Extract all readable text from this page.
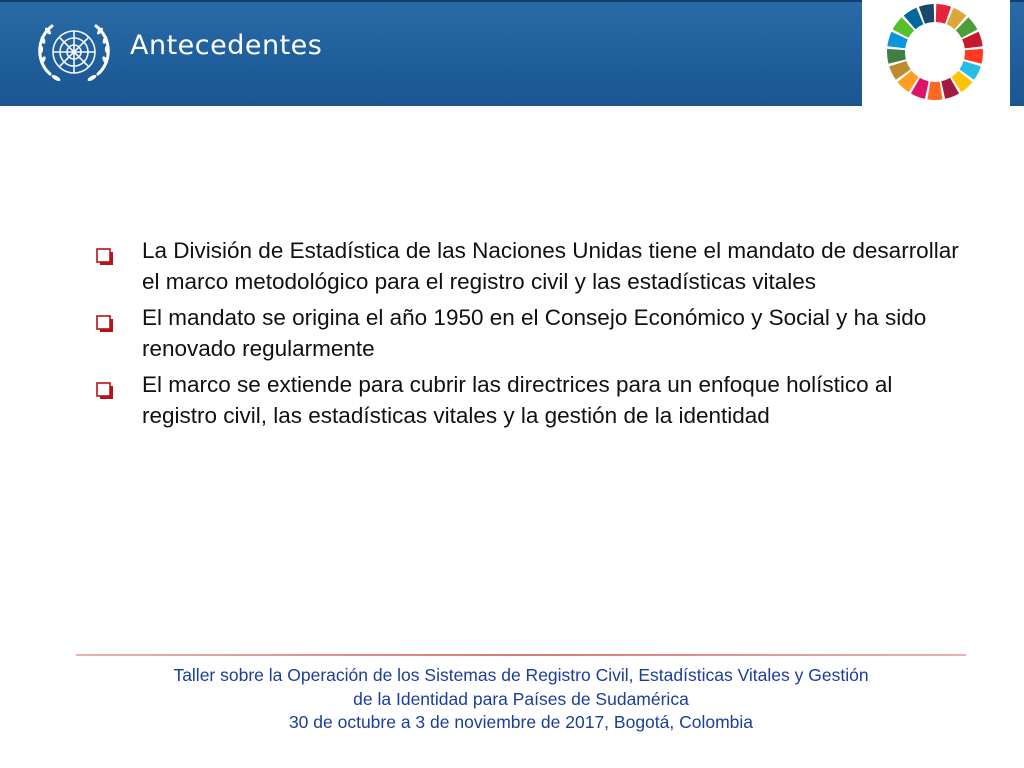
Antecedentes
La División de Estadística de las Naciones Unidas tiene el mandato de desarrollar el marco metodológico para el registro civil y las estadísticas vitales
El mandato se origina el año 1950 en el Consejo Económico y Social y ha sido renovado regularmente
El marco se extiende para cubrir las directrices para un enfoque holístico al registro civil, las estadísticas vitales y la gestión de la identidad
Taller sobre la Operación de los Sistemas de Registro Civil, Estadísticas Vitales y Gestión
de la Identidad para Países de Sudamérica
30 de octubre a 3 de noviembre de 2017, Bogotá, Colombia
